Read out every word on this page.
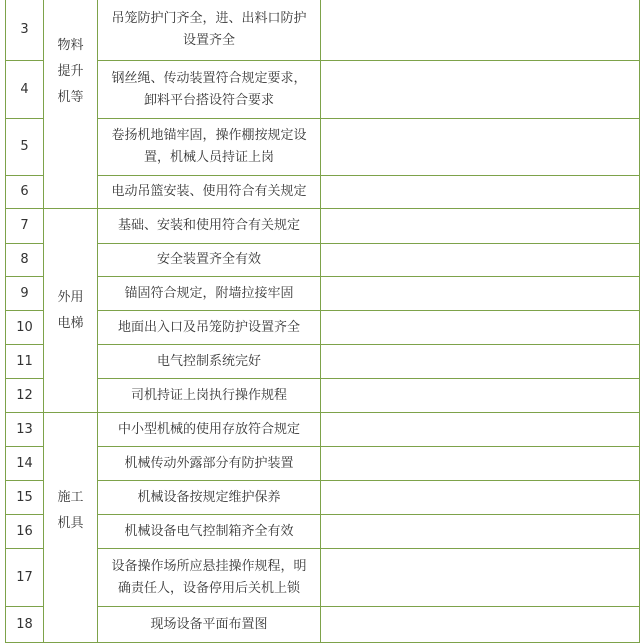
3	物料提升机等	吊笼防护门齐全，进、出料口防护设置齐全	
4		钢丝绳、传动装置符合规定要求，卸料平台搭设符合要求	
5		卷扬机地锚牢固，操作棚按规定设置，机械人员持证上岗	
6		电动吊篮安装、使用符合有关规定	
7	外用电梯	基础、安装和使用符合有关规定	
8		安全装置齐全有效	
9		锚固符合规定，附墙拉接牢固	
10		地面出入口及吊笼防护设置齐全	
11		电气控制系统完好	
12		司机持证上岗执行操作规程	
13	施工机具	中小型机械的使用存放符合规定	
14		机械传动外露部分有防护装置	
15		机械设备按规定维护保养	
16		机械设备电气控制箱齐全有效	
17		设备操作场所应悬挂操作规程，明确责任人，设备停用后关机上锁	
18		现场设备平面布置图	
